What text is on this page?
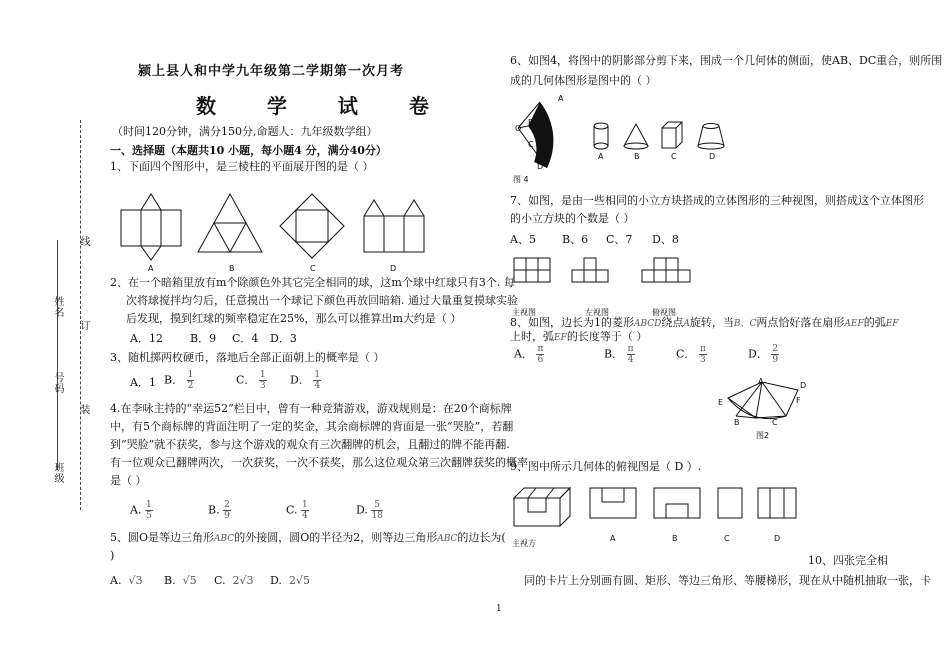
线
姓名
订
号码
装
班级
颍上县人和中学九年级第二学期第一次月考
数 学 试 卷
（时间120分钟，满分150分,命题人：九年级数学组）
一、选择题（本题共10 小题，每小题4 分，满分40分）
1、下面四个图形中，是三棱柱的平面展开图的是（ ）
A	B	C	D
2、在一个暗箱里放有m个除颜色外其它完全相同的球，这m个球中红球只有3个. 每
次将球搅拌均匀后，任意摸出一个球记下颜色再放回暗箱. 通过大量重复摸球实验
后发现，摸到红球的频率稳定在25%，那么可以推算出m大约是（ ）
A．12 B．9 C．4 D．3
3、随机掷两枚硬币，落地后全部正面朝上的概率是（ ）
A．1 B． $\frac{1}{2}$	C． $\frac{1}{3}$ D． $\frac{1}{4}$
4.在李咏主持的“幸运52”栏目中，曾有一种竞猜游戏，游戏规则是：在20个商标牌
中，有5个商标牌的背面注明了一定的奖金，其余商标牌的背面是一张“哭脸”，若翻
到“哭脸”就不获奖，参与这个游戏的观众有三次翻牌的机会，且翻过的牌不能再翻.
有一位观众已翻牌两次，一次获奖，一次不获奖，那么这位观众第三次翻牌获奖的概率
是（ ）
A. $\frac{1}{5}$	B. $\frac{2}{9}$	C. $\frac{1}{4}$	D. $\frac{5}{18}$
5、圆O是等边三角形ABC的外接圆，圆O的半径为2，则等边三角形ABC的边长为(
)
A. √3 B. √5 C. 2√3 D. 2√5
6、如图4，将图中的阴影部分剪下来，围成一个几何体的侧面，使AB、DC重合，则所围
成的几何体图形是图中的（ ）
A
B
O
C
D
图 4
A	B	C	D
7、如图，是由一些相同的小立方块搭成的立体图形的三种视图，则搭成这个立体图形
的小立方块的个数是（ ）
A、5 B、6 C、7 D、8
主视图	左视图	俯视图
8、如图，边长为1的菱形ABCD绕点A旋转，当B、C两点恰好落在扇形AEF的弧EF
上时，弧EF的长度等于（ ）
A． $\frac{\pi}{6}$	B． $\frac{\pi}{4}$	C． $\frac{\pi}{3}$	D． $\frac{2}{9}$
A	D
E	F
B	C
图2
9、图中所示几何体的俯视图是（ D ）.
主视方
A	B	C	D
10、四张完全相
同的卡片上分别画有圆、矩形、等边三角形、等腰梯形，现在从中随机抽取一张，卡
1
